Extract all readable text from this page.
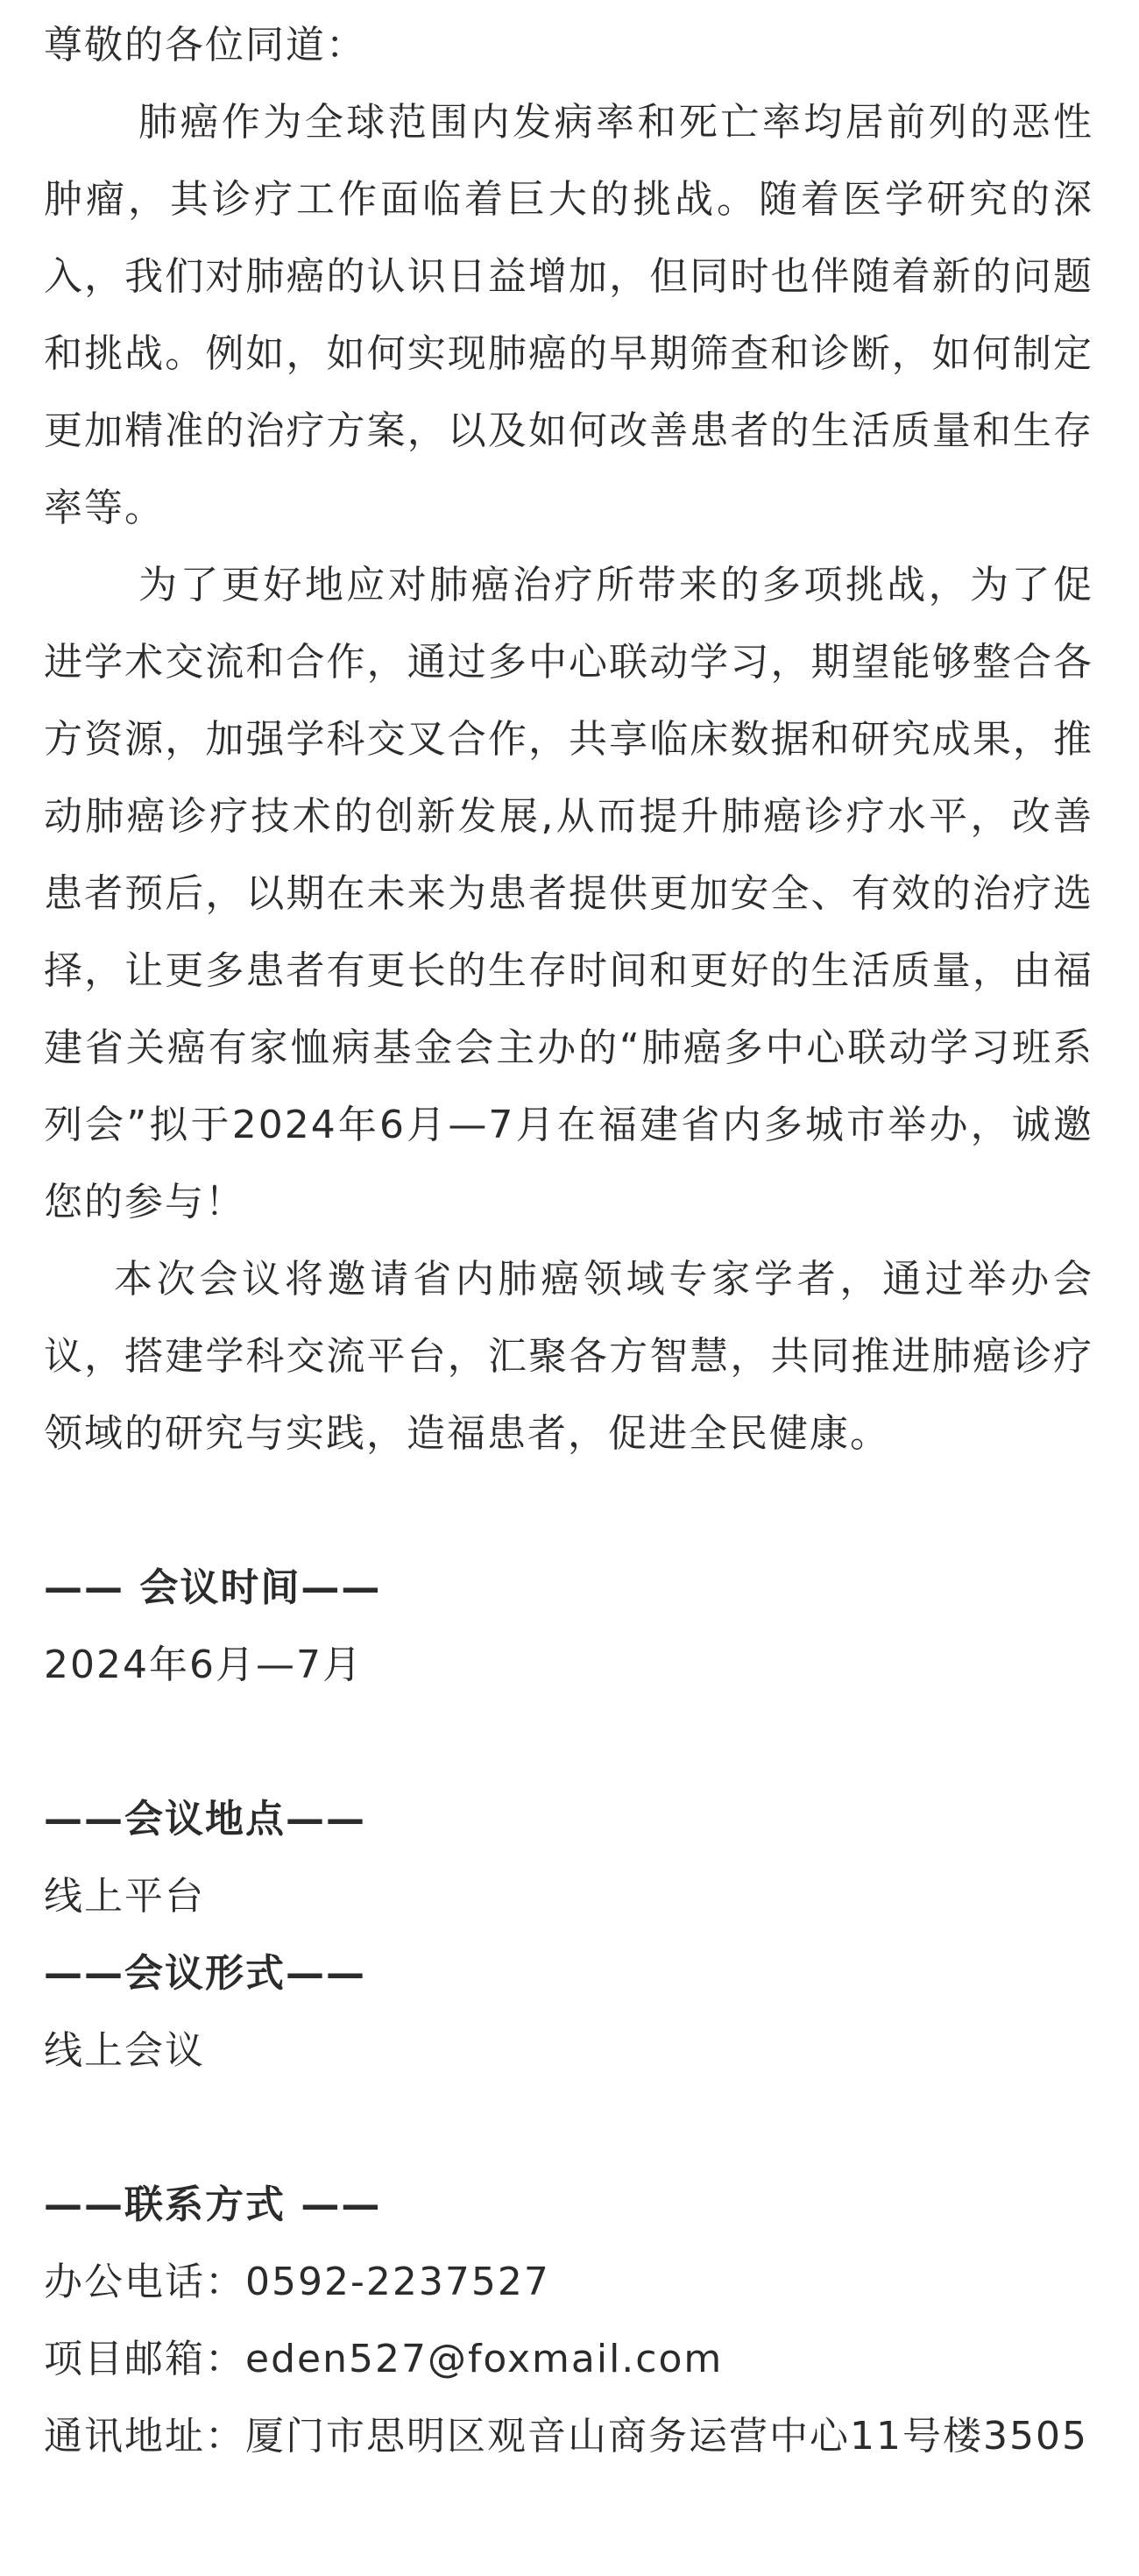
尊敬的各位同道：

肺癌作为全球范围内发病率和死亡率均居前列的恶性肿瘤，其诊疗工作面临着巨大的挑战。随着医学研究的深入，我们对肺癌的认识日益增加，但同时也伴随着新的问题和挑战。例如，如何实现肺癌的早期筛查和诊断，如何制定更加精准的治疗方案，以及如何改善患者的生活质量和生存率等。

为了更好地应对肺癌治疗所带来的多项挑战，为了促进学术交流和合作，通过多中心联动学习，期望能够整合各方资源，加强学科交叉合作，共享临床数据和研究成果，推动肺癌诊疗技术的创新发展,从而提升肺癌诊疗水平，改善患者预后，以期在未来为患者提供更加安全、有效的治疗选择，让更多患者有更长的生存时间和更好的生活质量，由福建省关癌有家恤病基金会主办的“肺癌多中心联动学习班系列会”拟于2024年6月—7月在福建省内多城市举办，诚邀您的参与！

本次会议将邀请省内肺癌领域专家学者，通过举办会议，搭建学科交流平台，汇聚各方智慧，共同推进肺癌诊疗领域的研究与实践，造福患者，促进全民健康。

—— 会议时间——

2024年6月—7月

——会议地点——

线上平台

——会议形式——

线上会议

——联系方式 ——

办公电话：0592-2237527

项目邮箱：eden527@foxmail.com

通讯地址：厦门市思明区观音山商务运营中心11号楼3505
